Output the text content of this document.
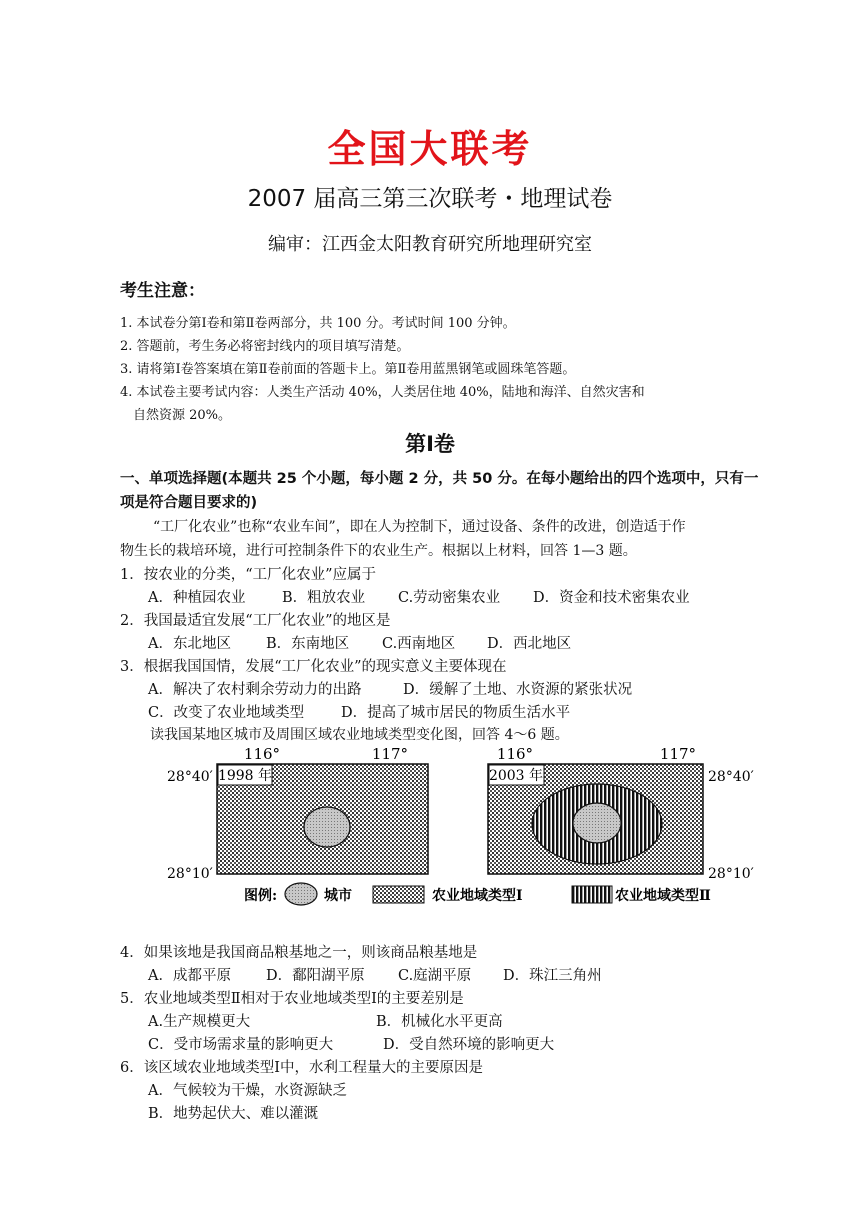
全国大联考
2007 届高三第三次联考・地理试卷
编审：江西金太阳教育研究所地理研究室
考生注意：
1. 本试卷分第Ⅰ卷和第Ⅱ卷两部分，共 100 分。考试时间 100 分钟。
2. 答题前，考生务必将密封线内的项目填写清楚。
3. 请将第Ⅰ卷答案填在第Ⅱ卷前面的答题卡上。第Ⅱ卷用蓝黑钢笔或圆珠笔答题。
4. 本试卷主要考试内容：人类生产活动 40%，人类居住地 40%，陆地和海洋、自然灾害和
自然资源 20%。
第Ⅰ卷
一、单项选择题(本题共 25 个小题，每小题 2 分，共 50 分。在每小题给出的四个选项中，只有一项是符合题目要求的)
“工厂化农业”也称“农业车间”，即在人为控制下，通过设备、条件的改进，创造适于作
物生长的栽培环境，进行可控制条件下的农业生产。根据以上材料，回答 1—3 题。
1．按农业的分类，“工厂化农业”应属于
A．种植园农业	B．粗放农业 C.劳动密集农业 D．资金和技术密集农业
2．我国最适宜发展“工厂化农业”的地区是
A．东北地区 B．东南地区 C.西南地区 D．西北地区
3．根据我国国情，发展“工厂化农业”的现实意义主要体现在
A．解决了农村剩余劳动力的出路	D．缓解了土地、水资源的紧张状况
C．改变了农业地域类型	D．提高了城市居民的物质生活水平
读我国某地区城市及周围区域农业地域类型变化图，回答 4～6 题。
116°	117°
1998 年
28°40′
28°10′
116°	117°
2003 年	28°40′
28°10′
图例:	城市	农业地域类型Ⅰ	农业地域类型Ⅱ
4．如果该地是我国商品粮基地之一，则该商品粮基地是
A．成都平原 D．鄱阳湖平原 C.庭湖平原 D．珠江三角州
5．农业地域类型Ⅱ相对于农业地域类型Ⅰ的主要差别是
A.生产规模更大	B．机械化水平更高
C．受市场需求量的影响更大	D．受自然环境的影响更大
6．该区域农业地域类型Ⅰ中，水利工程量大的主要原因是
A．气候较为干燥，水资源缺乏
B．地势起伏大、难以灌溉
